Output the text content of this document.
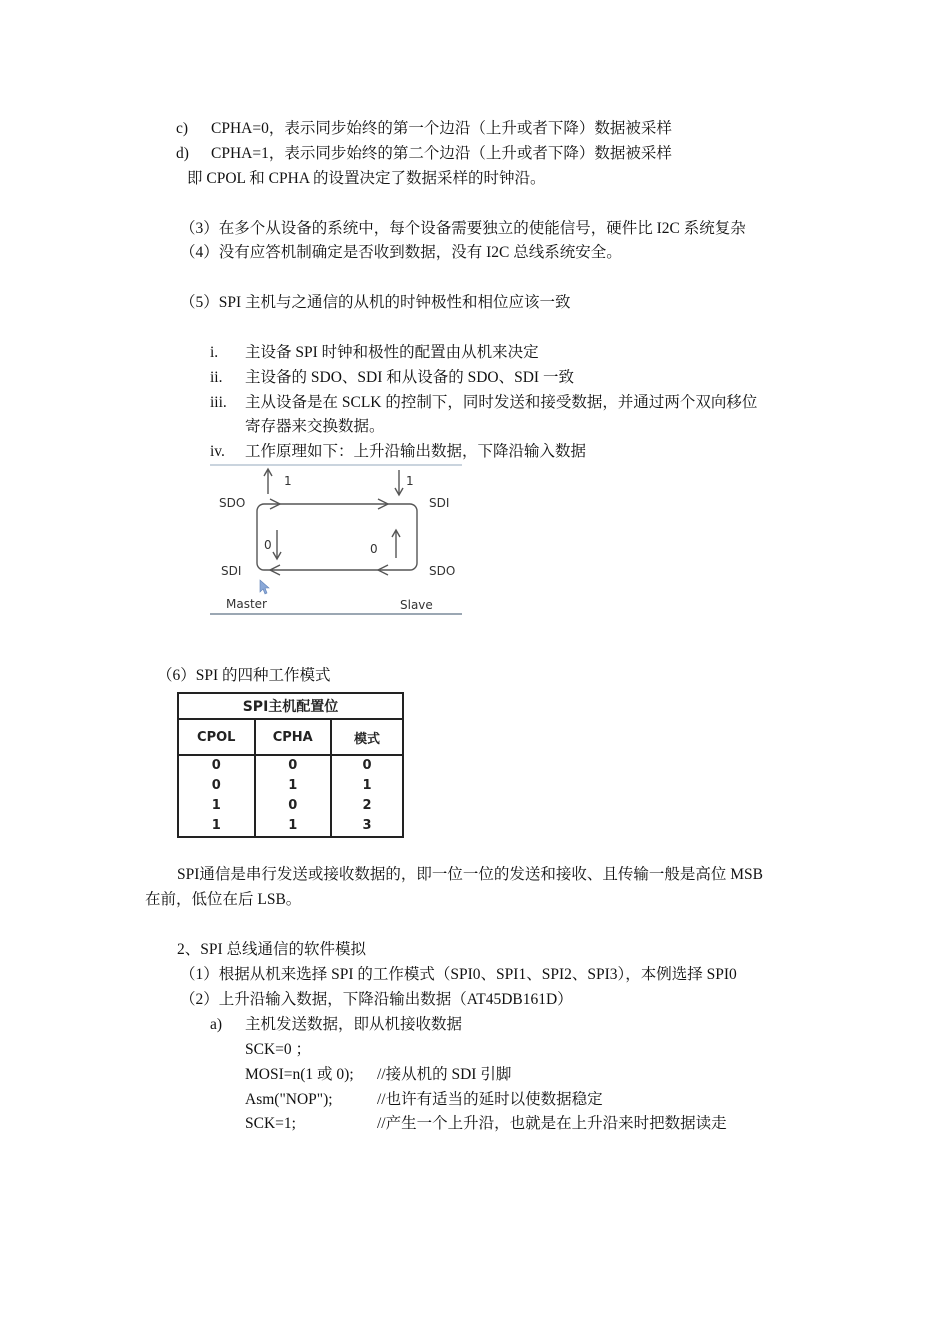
c) CPHA=0，表示同步始终的第一个边沿（上升或者下降）数据被采样
d) CPHA=1，表示同步始终的第二个边沿（上升或者下降）数据被采样
即 CPOL 和 CPHA 的设置决定了数据采样的时钟沿。
（3）在多个从设备的系统中，每个设备需要独立的使能信号，硬件比 I2C 系统复杂
（4）没有应答机制确定是否收到数据，没有 I2C 总线系统安全。
（5）SPI 主机与之通信的从机的时钟极性和相位应该一致
i. 主设备 SPI 时钟和极性的配置由从机来决定
ii. 主设备的 SDO、SDI 和从设备的 SDO、SDI 一致
iii. 主从设备是在 SCLK 的控制下，同时发送和接受数据，并通过两个双向移位
寄存器来交换数据。
iv. 工作原理如下：上升沿输出数据，下降沿输入数据
SDO
SDI
SDI
SDO
1	1
0	0
Master	Slave
（6）SPI 的四种工作模式
SPI主机配置位		
CPOL	CPHA	模式
0	0	0
0	1	1
1	0	2
1	1	3
SPI通信是串行发送或接收数据的，即一位一位的发送和接收、且传输一般是高位 MSB
在前，低位在后 LSB。
2、SPI 总线通信的软件模拟
（1）根据从机来选择 SPI 的工作模式（SPI0、SPI1、SPI2、SPI3），本例选择 SPI0
（2）上升沿输入数据，下降沿输出数据（AT45DB161D）
a) 主机发送数据，即从机接收数据
SCK=0 ；
MOSI=n(1 或 0); //接从机的 SDI 引脚
Asm("NOP");	//也许有适当的延时以使数据稳定
SCK=1;	//产生一个上升沿，也就是在上升沿来时把数据读走
